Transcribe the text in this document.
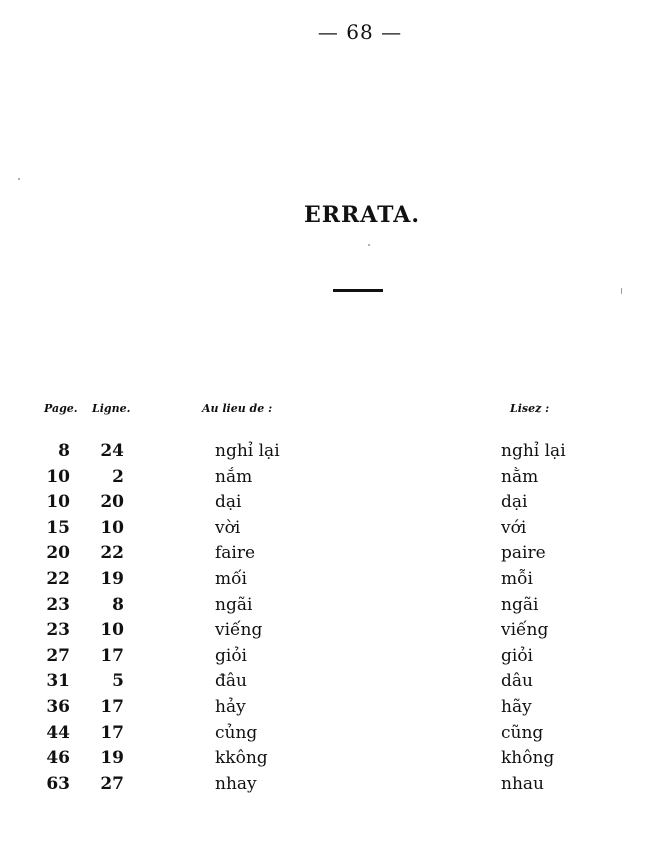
— 68 —
ERRATA.
Page. Ligne.	Au lieu de :	Lisez :
8	24	nghỉ lại	nghỉ lại
10	2	nắm	nằm
10	20	dại	dại
15	10	vời	với
20	22	faire	paire
22	19	mối	mỗi
23	8	ngãi	ngãi
23	10	viếng	viếng
27	17	giỏi	giỏi
31	5	đâu	dâu
36	17	hảy	hãy
44	17	củng	cũng
46	19	kkông	không
63	27	nhay	nhau
